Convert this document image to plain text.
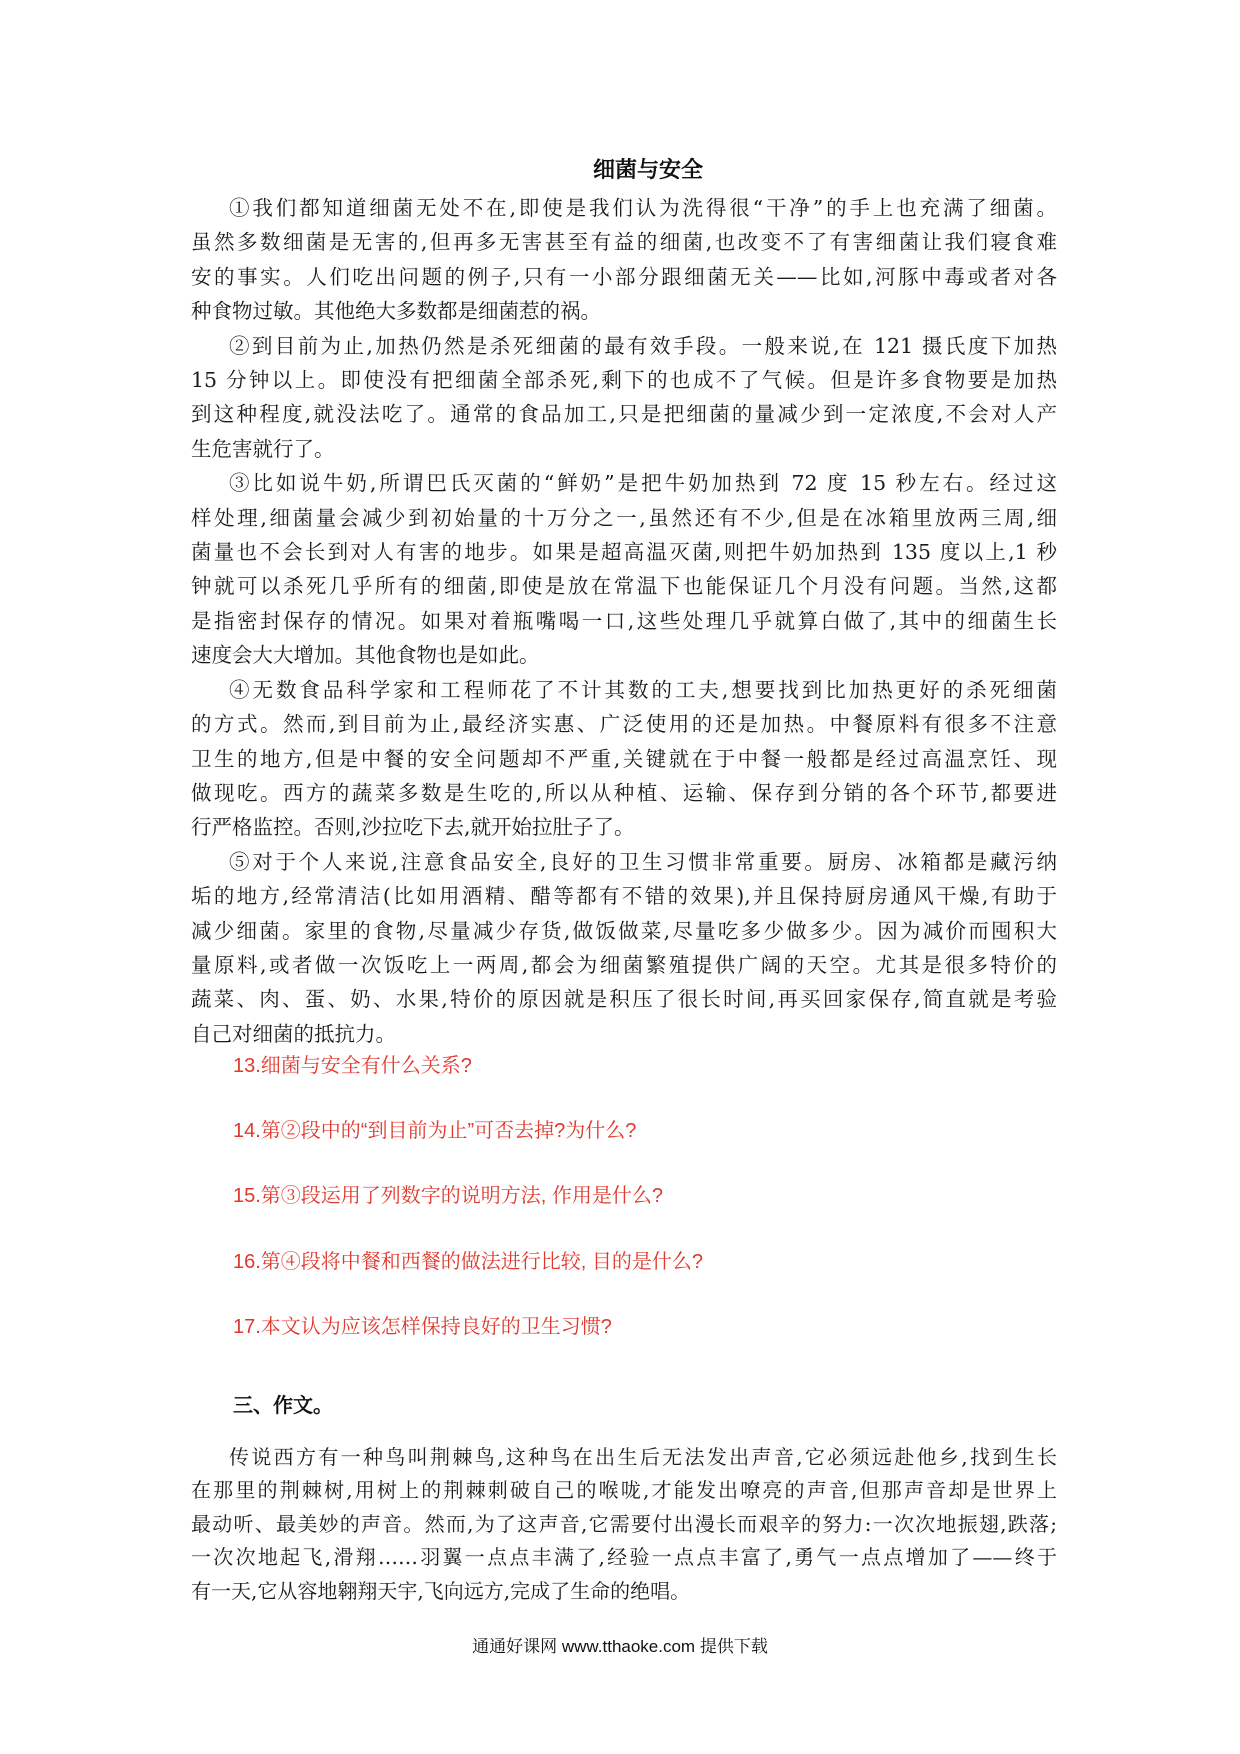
细菌与安全
①我们都知道细菌无处不在,即使是我们认为洗得很“干净”的手上也充满了细菌。
虽然多数细菌是无害的,但再多无害甚至有益的细菌,也改变不了有害细菌让我们寝食难
安的事实。人们吃出问题的例子,只有一小部分跟细菌无关——比如,河豚中毒或者对各
种食物过敏。其他绝大多数都是细菌惹的祸。
②到目前为止,加热仍然是杀死细菌的最有效手段。一般来说,在 121 摄氏度下加热
15 分钟以上。即使没有把细菌全部杀死,剩下的也成不了气候。但是许多食物要是加热
到这种程度,就没法吃了。通常的食品加工,只是把细菌的量减少到一定浓度,不会对人产
生危害就行了。
③比如说牛奶,所谓巴氏灭菌的“鲜奶”是把牛奶加热到 72 度 15 秒左右。经过这
样处理,细菌量会减少到初始量的十万分之一,虽然还有不少,但是在冰箱里放两三周,细
菌量也不会长到对人有害的地步。如果是超高温灭菌,则把牛奶加热到 135 度以上,1 秒
钟就可以杀死几乎所有的细菌,即使是放在常温下也能保证几个月没有问题。当然,这都
是指密封保存的情况。如果对着瓶嘴喝一口,这些处理几乎就算白做了,其中的细菌生长
速度会大大增加。其他食物也是如此。
④无数食品科学家和工程师花了不计其数的工夫,想要找到比加热更好的杀死细菌
的方式。然而,到目前为止,最经济实惠、广泛使用的还是加热。中餐原料有很多不注意
卫生的地方,但是中餐的安全问题却不严重,关键就在于中餐一般都是经过高温烹饪、现
做现吃。西方的蔬菜多数是生吃的,所以从种植、运输、保存到分销的各个环节,都要进
行严格监控。否则,沙拉吃下去,就开始拉肚子了。
⑤对于个人来说,注意食品安全,良好的卫生习惯非常重要。厨房、冰箱都是藏污纳
垢的地方,经常清洁(比如用酒精、醋等都有不错的效果),并且保持厨房通风干燥,有助于
减少细菌。家里的食物,尽量减少存货,做饭做菜,尽量吃多少做多少。因为减价而囤积大
量原料,或者做一次饭吃上一两周,都会为细菌繁殖提供广阔的天空。尤其是很多特价的
蔬菜、肉、蛋、奶、水果,特价的原因就是积压了很长时间,再买回家保存,简直就是考验
自己对细菌的抵抗力。
13.细菌与安全有什么关系?
14.第②段中的“到目前为止”可否去掉?为什么?
15.第③段运用了列数字的说明方法, 作用是什么?
16.第④段将中餐和西餐的做法进行比较, 目的是什么?
17.本文认为应该怎样保持良好的卫生习惯?
三、作文。
传说西方有一种鸟叫荆棘鸟,这种鸟在出生后无法发出声音,它必须远赴他乡,找到生长
在那里的荆棘树,用树上的荆棘刺破自己的喉咙,才能发出嘹亮的声音,但那声音却是世界上
最动听、最美妙的声音。然而,为了这声音,它需要付出漫长而艰辛的努力:一次次地振翅,跌落;
一次次地起飞,滑翔……羽翼一点点丰满了,经验一点点丰富了,勇气一点点增加了——终于
有一天,它从容地翱翔天宇,飞向远方,完成了生命的绝唱。
通通好课网 www.tthaoke.com 提供下载
